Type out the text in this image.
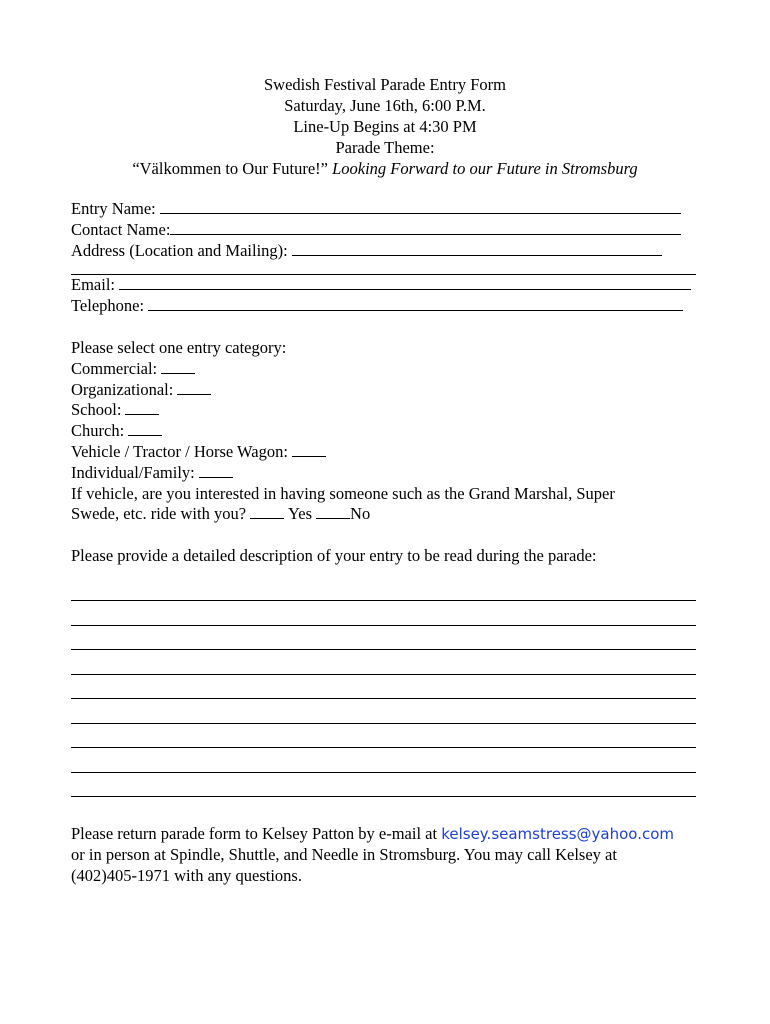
Swedish Festival Parade Entry Form
Saturday, June 16th, 6:00 P.M.
Line-Up Begins at 4:30 PM
Parade Theme:
“Välkommen to Our Future!” Looking Forward to our Future in Stromsburg
Entry Name:
Contact Name:
Address (Location and Mailing):
Email:
Telephone:
Please select one entry category:
Commercial:
Organizational:
School:
Church:
Vehicle / Tractor / Horse Wagon:
Individual/Family:
If vehicle, are you interested in having someone such as the Grand Marshal, Super
Swede, etc. ride with you?	Yes No
Please provide a detailed description of your entry to be read during the parade:
Please return parade form to Kelsey Patton by e-mail at kelsey.seamstress@yahoo.com
or in person at Spindle, Shuttle, and Needle in Stromsburg. You may call Kelsey at
(402)405-1971 with any questions.
